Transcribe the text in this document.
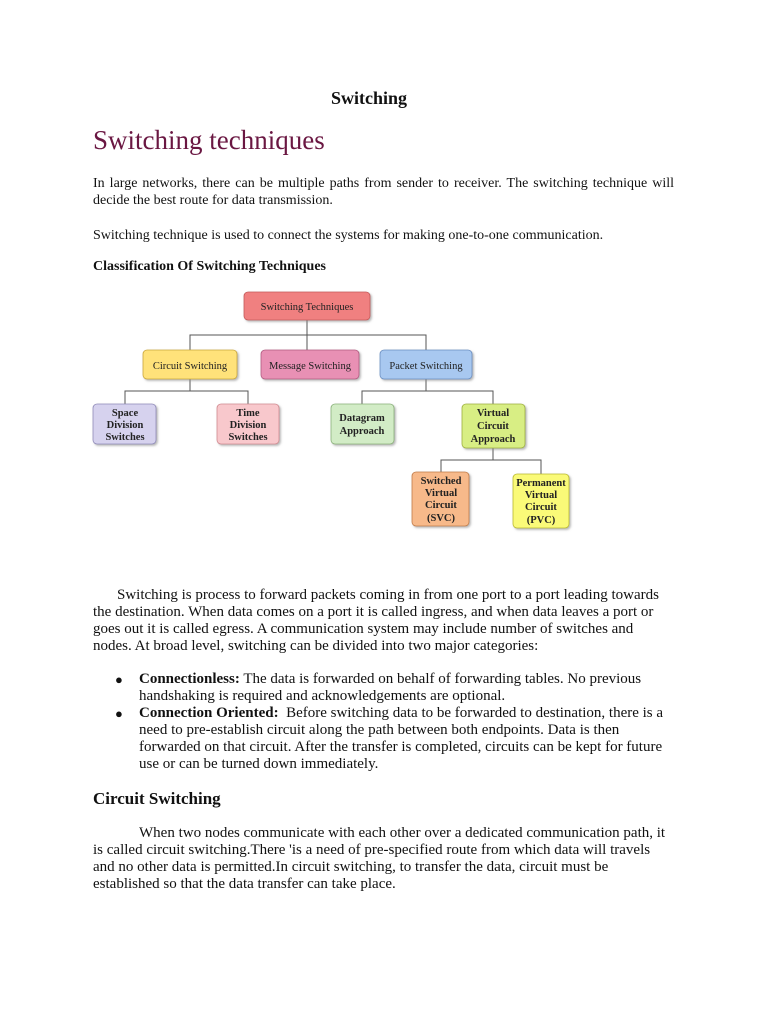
Switching
Switching techniques
In large networks, there can be multiple paths from sender to receiver. The switching technique will decide the best route for data transmission.
Switching technique is used to connect the systems for making one-to-one communication.
Classification Of Switching Techniques
Switching Techniques
Circuit Switching	Message Switching	Packet Switching
Space
Division
Switches
Time
Division
Switches
Datagram
Approach
Virtual
Circuit
Approach
Switched
Virtual
Circuit
(SVC)
Permanent
Virtual
Circuit
(PVC)
Switching is process to forward packets coming in from one port to a port leading towards the destination. When data comes on a port it is called ingress, and when data leaves a port or goes out it is called egress. A communication system may include number of switches and nodes. At broad level, switching can be divided into two major categories:
● Connectionless: The data is forwarded on behalf of forwarding tables. No previous handshaking is required and acknowledgements are optional.
● Connection Oriented:  Before switching data to be forwarded to destination, there is a need to pre-establish circuit along the path between both endpoints. Data is then forwarded on that circuit. After the transfer is completed, circuits can be kept for future use or can be turned down immediately.
Circuit Switching
When two nodes communicate with each other over a dedicated communication path, it is called circuit switching.There 'is a need of pre-specified route from which data will travels and no other data is permitted.In circuit switching, to transfer the data, circuit must be established so that the data transfer can take place.
